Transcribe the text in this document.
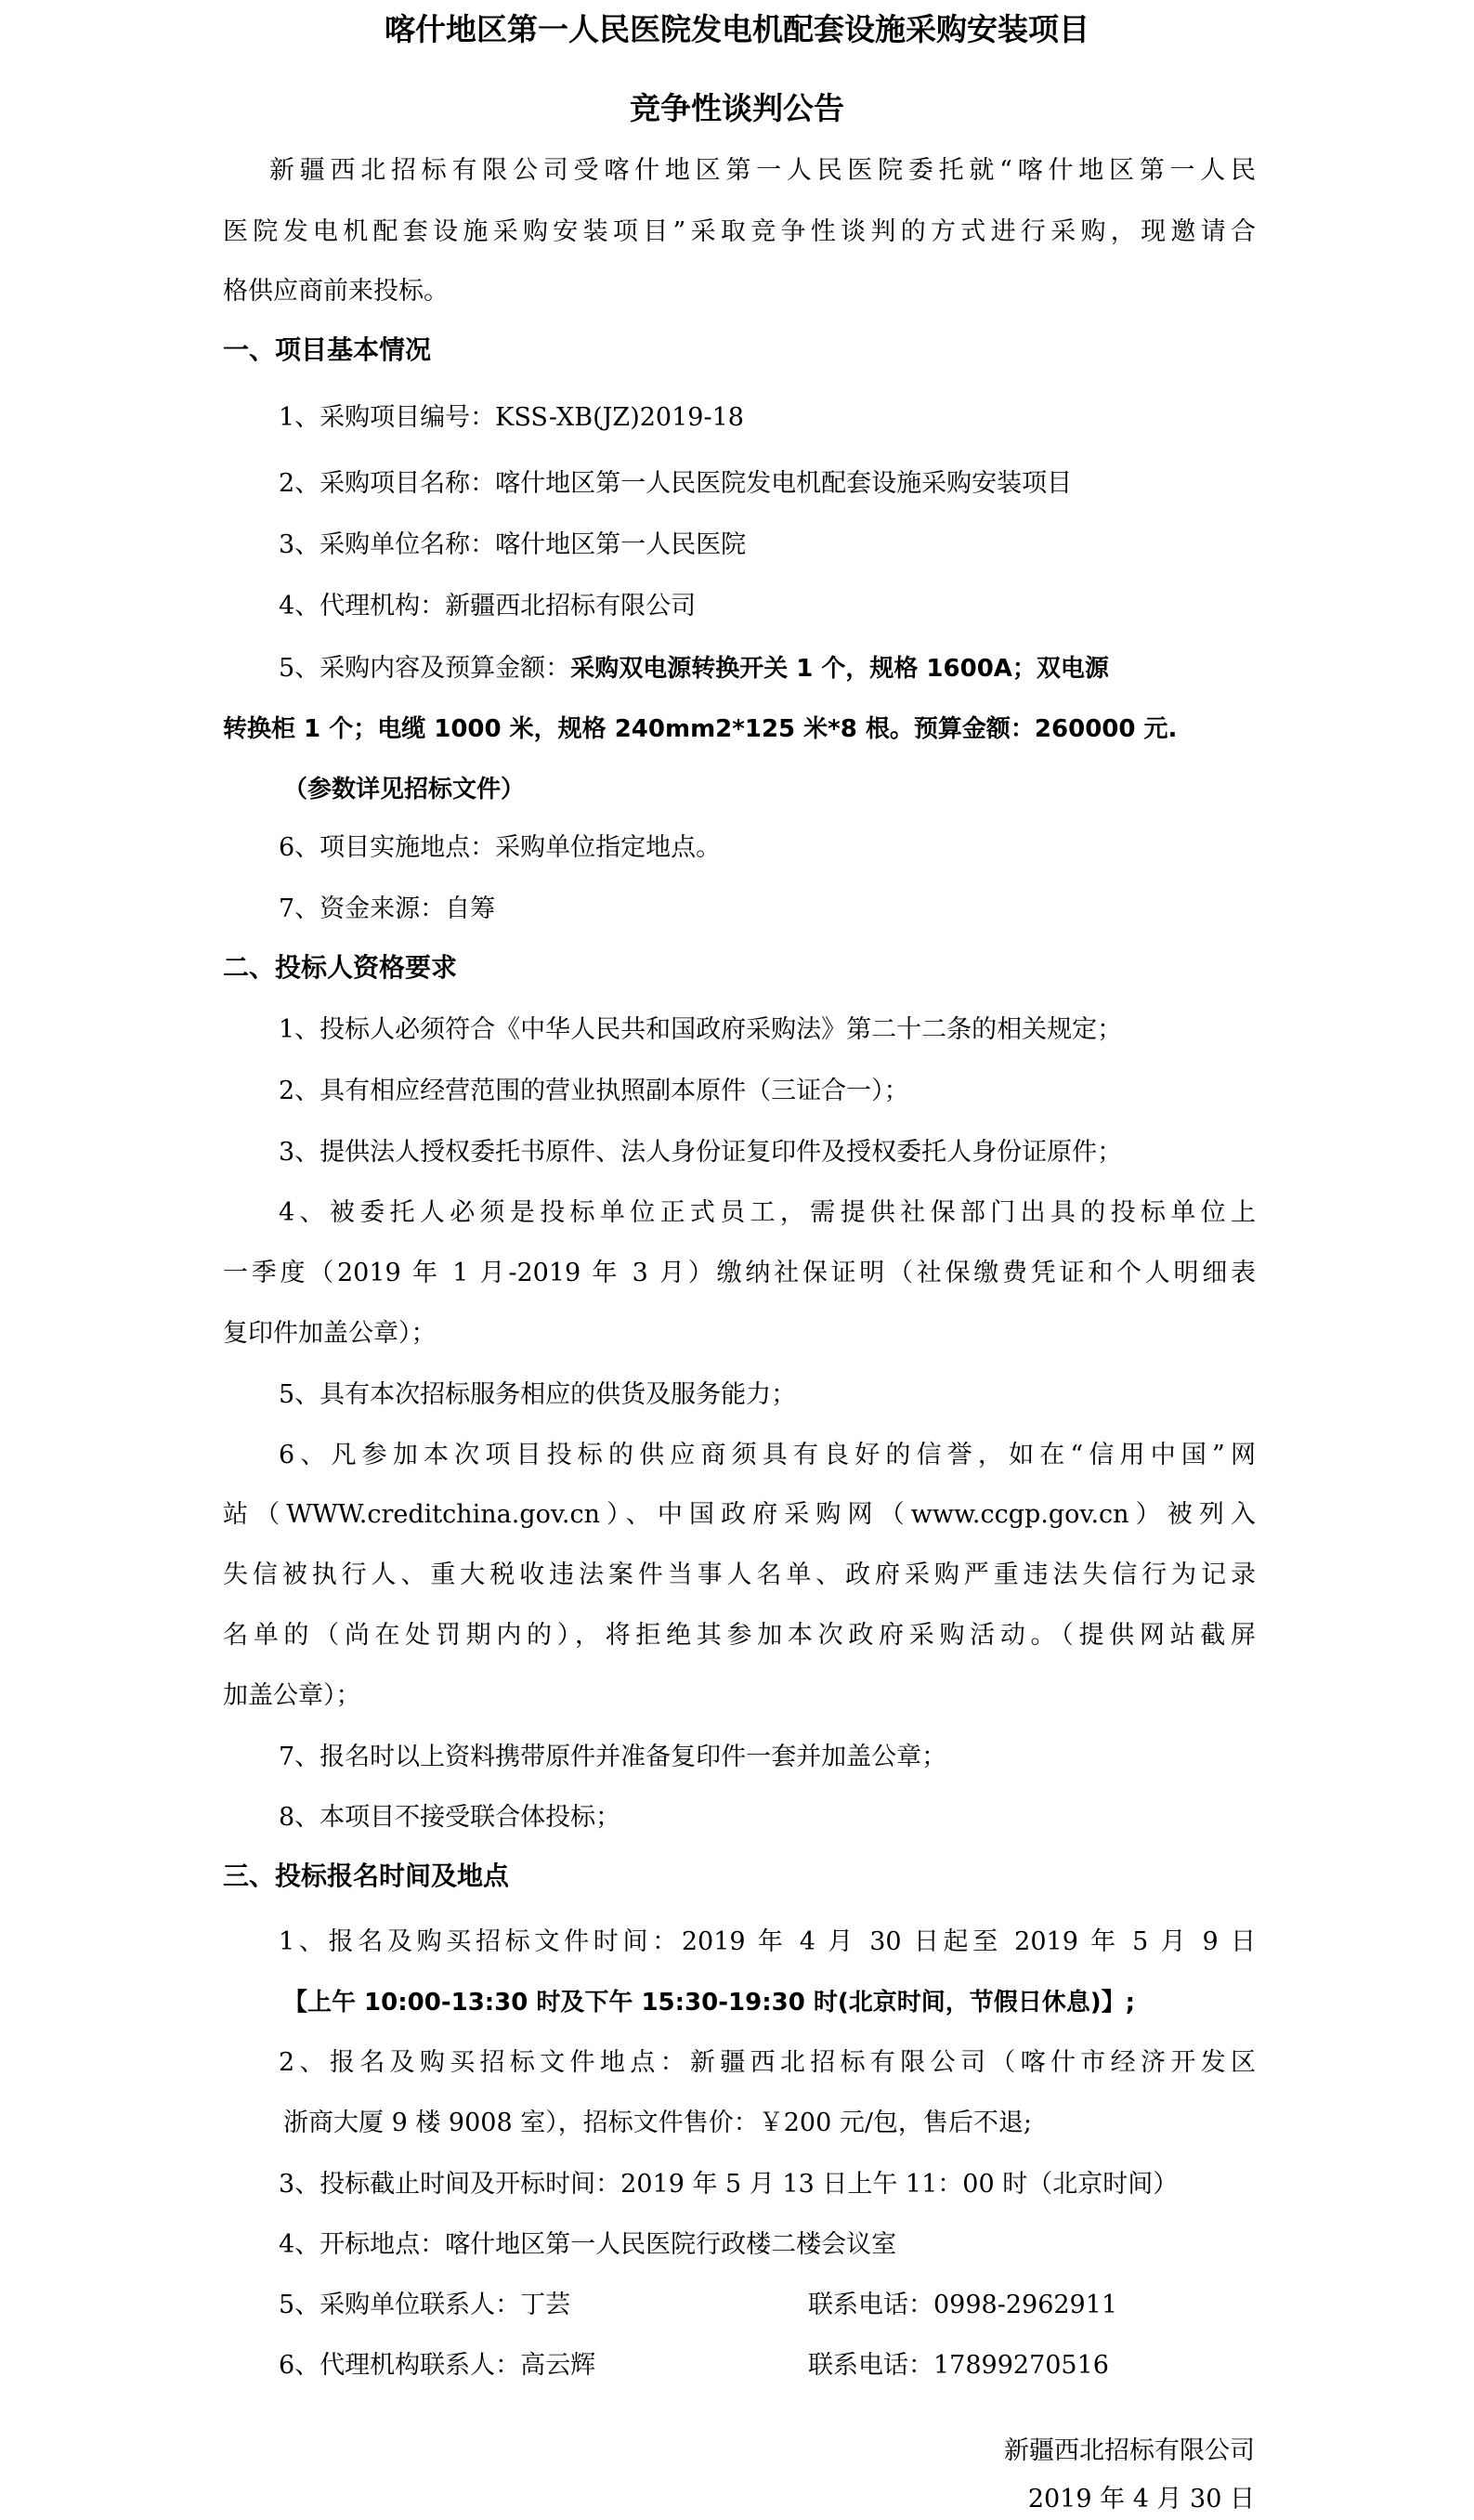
喀什地区第一人民医院发电机配套设施采购安装项目
竞争性谈判公告
新疆西北招标有限公司受喀什地区第一人民医院委托就“喀什地区第一人民
医院发电机配套设施采购安装项目”采取竞争性谈判的方式进行采购，现邀请合
格供应商前来投标。
一、项目基本情况
1、采购项目编号：KSS-XB(JZ)2019-18
2、采购项目名称：喀什地区第一人民医院发电机配套设施采购安装项目
3、采购单位名称：喀什地区第一人民医院
4、代理机构：新疆西北招标有限公司
5、采购内容及预算金额：采购双电源转换开关 1 个，规格 1600A；双电源
转换柜 1 个；电缆 1000 米，规格 240mm2*125 米*8 根。预算金额：260000 元.
（参数详见招标文件）
6、项目实施地点：采购单位指定地点。
7、资金来源：自筹
二、投标人资格要求
1、投标人必须符合《中华人民共和国政府采购法》第二十二条的相关规定；
2、具有相应经营范围的营业执照副本原件（三证合一）；
3、提供法人授权委托书原件、法人身份证复印件及授权委托人身份证原件；
4、被委托人必须是投标单位正式员工，需提供社保部门出具的投标单位上
一季度（2019 年 1 月-2019 年 3 月）缴纳社保证明（社保缴费凭证和个人明细表
复印件加盖公章）；
5、具有本次招标服务相应的供货及服务能力；
6、凡参加本次项目投标的供应商须具有良好的信誉，如在“信用中国”网
站（WWW.creditchina.gov.cn）、中国政府采购网（www.ccgp.gov.cn）被列入
失信被执行人、重大税收违法案件当事人名单、政府采购严重违法失信行为记录
名单的（尚在处罚期内的），将拒绝其参加本次政府采购活动。（提供网站截屏
加盖公章）；
7、报名时以上资料携带原件并准备复印件一套并加盖公章；
8、本项目不接受联合体投标；
三、投标报名时间及地点
1、报名及购买招标文件时间：2019 年 4 月 30 日起至 2019 年 5 月 9 日
【上午 10:00-13:30 时及下午 15:30-19:30 时(北京时间，节假日休息)】;
2、报名及购买招标文件地点：新疆西北招标有限公司（喀什市经济开发区
浙商大厦 9 楼 9008 室），招标文件售价：￥200 元/包，售后不退;
3、投标截止时间及开标时间：2019 年 5 月 13 日上午 11：00 时（北京时间）
4、开标地点：喀什地区第一人民医院行政楼二楼会议室
5、采购单位联系人：丁芸	联系电话：0998-2962911
6、代理机构联系人：高云辉	联系电话：17899270516
新疆西北招标有限公司
2019 年 4 月 30 日
